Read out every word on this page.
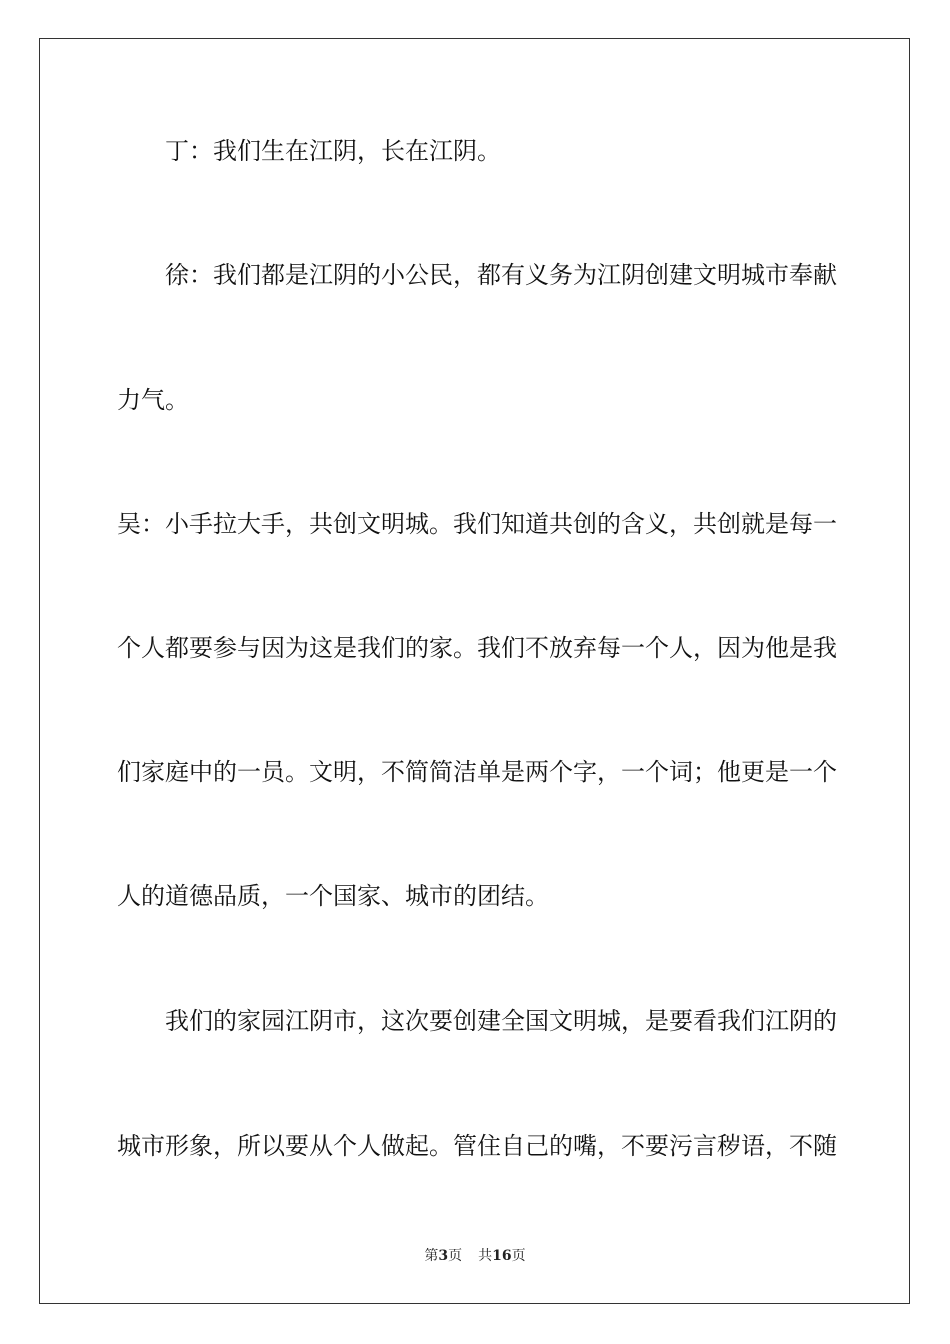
丁：我们生在江阴，长在江阴。
徐：我们都是江阴的小公民，都有义务为江阴创建文明城市奉献
力气。
吴：小手拉大手，共创文明城。我们知道共创的含义，共创就是每一
个人都要参与因为这是我们的家。我们不放弃每一个人，因为他是我
们家庭中的一员。文明，不简简洁单是两个字，一个词；他更是一个
人的道德品质，一个国家、城市的团结。
我们的家园江阴市，这次要创建全国文明城，是要看我们江阴的
城市形象，所以要从个人做起。管住自己的嘴，不要污言秽语，不随
第3页 共16页
